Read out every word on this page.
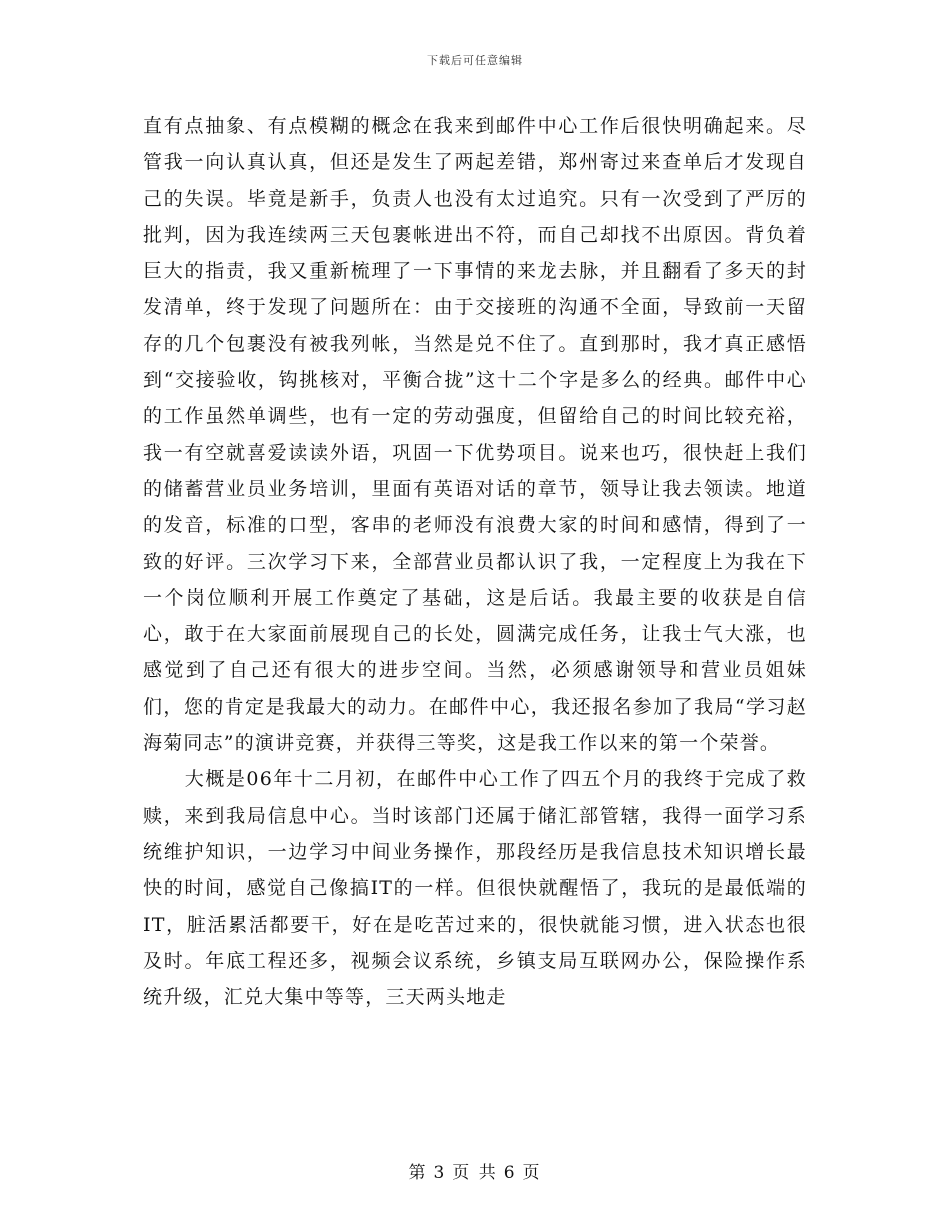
下载后可任意编辑

直有点抽象、有点模糊的概念在我来到邮件中心工作后很快明确起来。尽管我一向认真认真，但还是发生了两起差错，郑州寄过来查单后才发现自己的失误。毕竟是新手，负责人也没有太过追究。只有一次受到了严厉的批判，因为我连续两三天包裹帐进出不符，而自己却找不出原因。背负着巨大的指责，我又重新梳理了一下事情的来龙去脉，并且翻看了多天的封发清单，终于发现了问题所在：由于交接班的沟通不全面，导致前一天留存的几个包裹没有被我列帐，当然是兑不住了。直到那时，我才真正感悟到“交接验收，钩挑核对，平衡合拢”这十二个字是多么的经典。邮件中心的工作虽然单调些，也有一定的劳动强度，但留给自己的时间比较充裕，我一有空就喜爱读读外语，巩固一下优势项目。说来也巧，很快赶上我们的储蓄营业员业务培训，里面有英语对话的章节，领导让我去领读。地道的发音，标准的口型，客串的老师没有浪费大家的时间和感情，得到了一致的好评。三次学习下来，全部营业员都认识了我，一定程度上为我在下一个岗位顺利开展工作奠定了基础，这是后话。我最主要的收获是自信心，敢于在大家面前展现自己的长处，圆满完成任务，让我士气大涨，也感觉到了自己还有很大的进步空间。当然，必须感谢领导和营业员姐妹们，您的肯定是我最大的动力。在邮件中心，我还报名参加了我局“学习赵海菊同志”的演讲竞赛，并获得三等奖，这是我工作以来的第一个荣誉。

大概是06年十二月初，在邮件中心工作了四五个月的我终于完成了救赎，来到我局信息中心。当时该部门还属于储汇部管辖，我得一面学习系统维护知识，一边学习中间业务操作，那段经历是我信息技术知识增长最快的时间，感觉自己像搞IT的一样。但很快就醒悟了，我玩的是最低端的IT，脏活累活都要干，好在是吃苦过来的，很快就能习惯，进入状态也很及时。年底工程还多，视频会议系统，乡镇支局互联网办公，保险操作系统升级，汇兑大集中等等，三天两头地走

第 3 页 共 6 页
